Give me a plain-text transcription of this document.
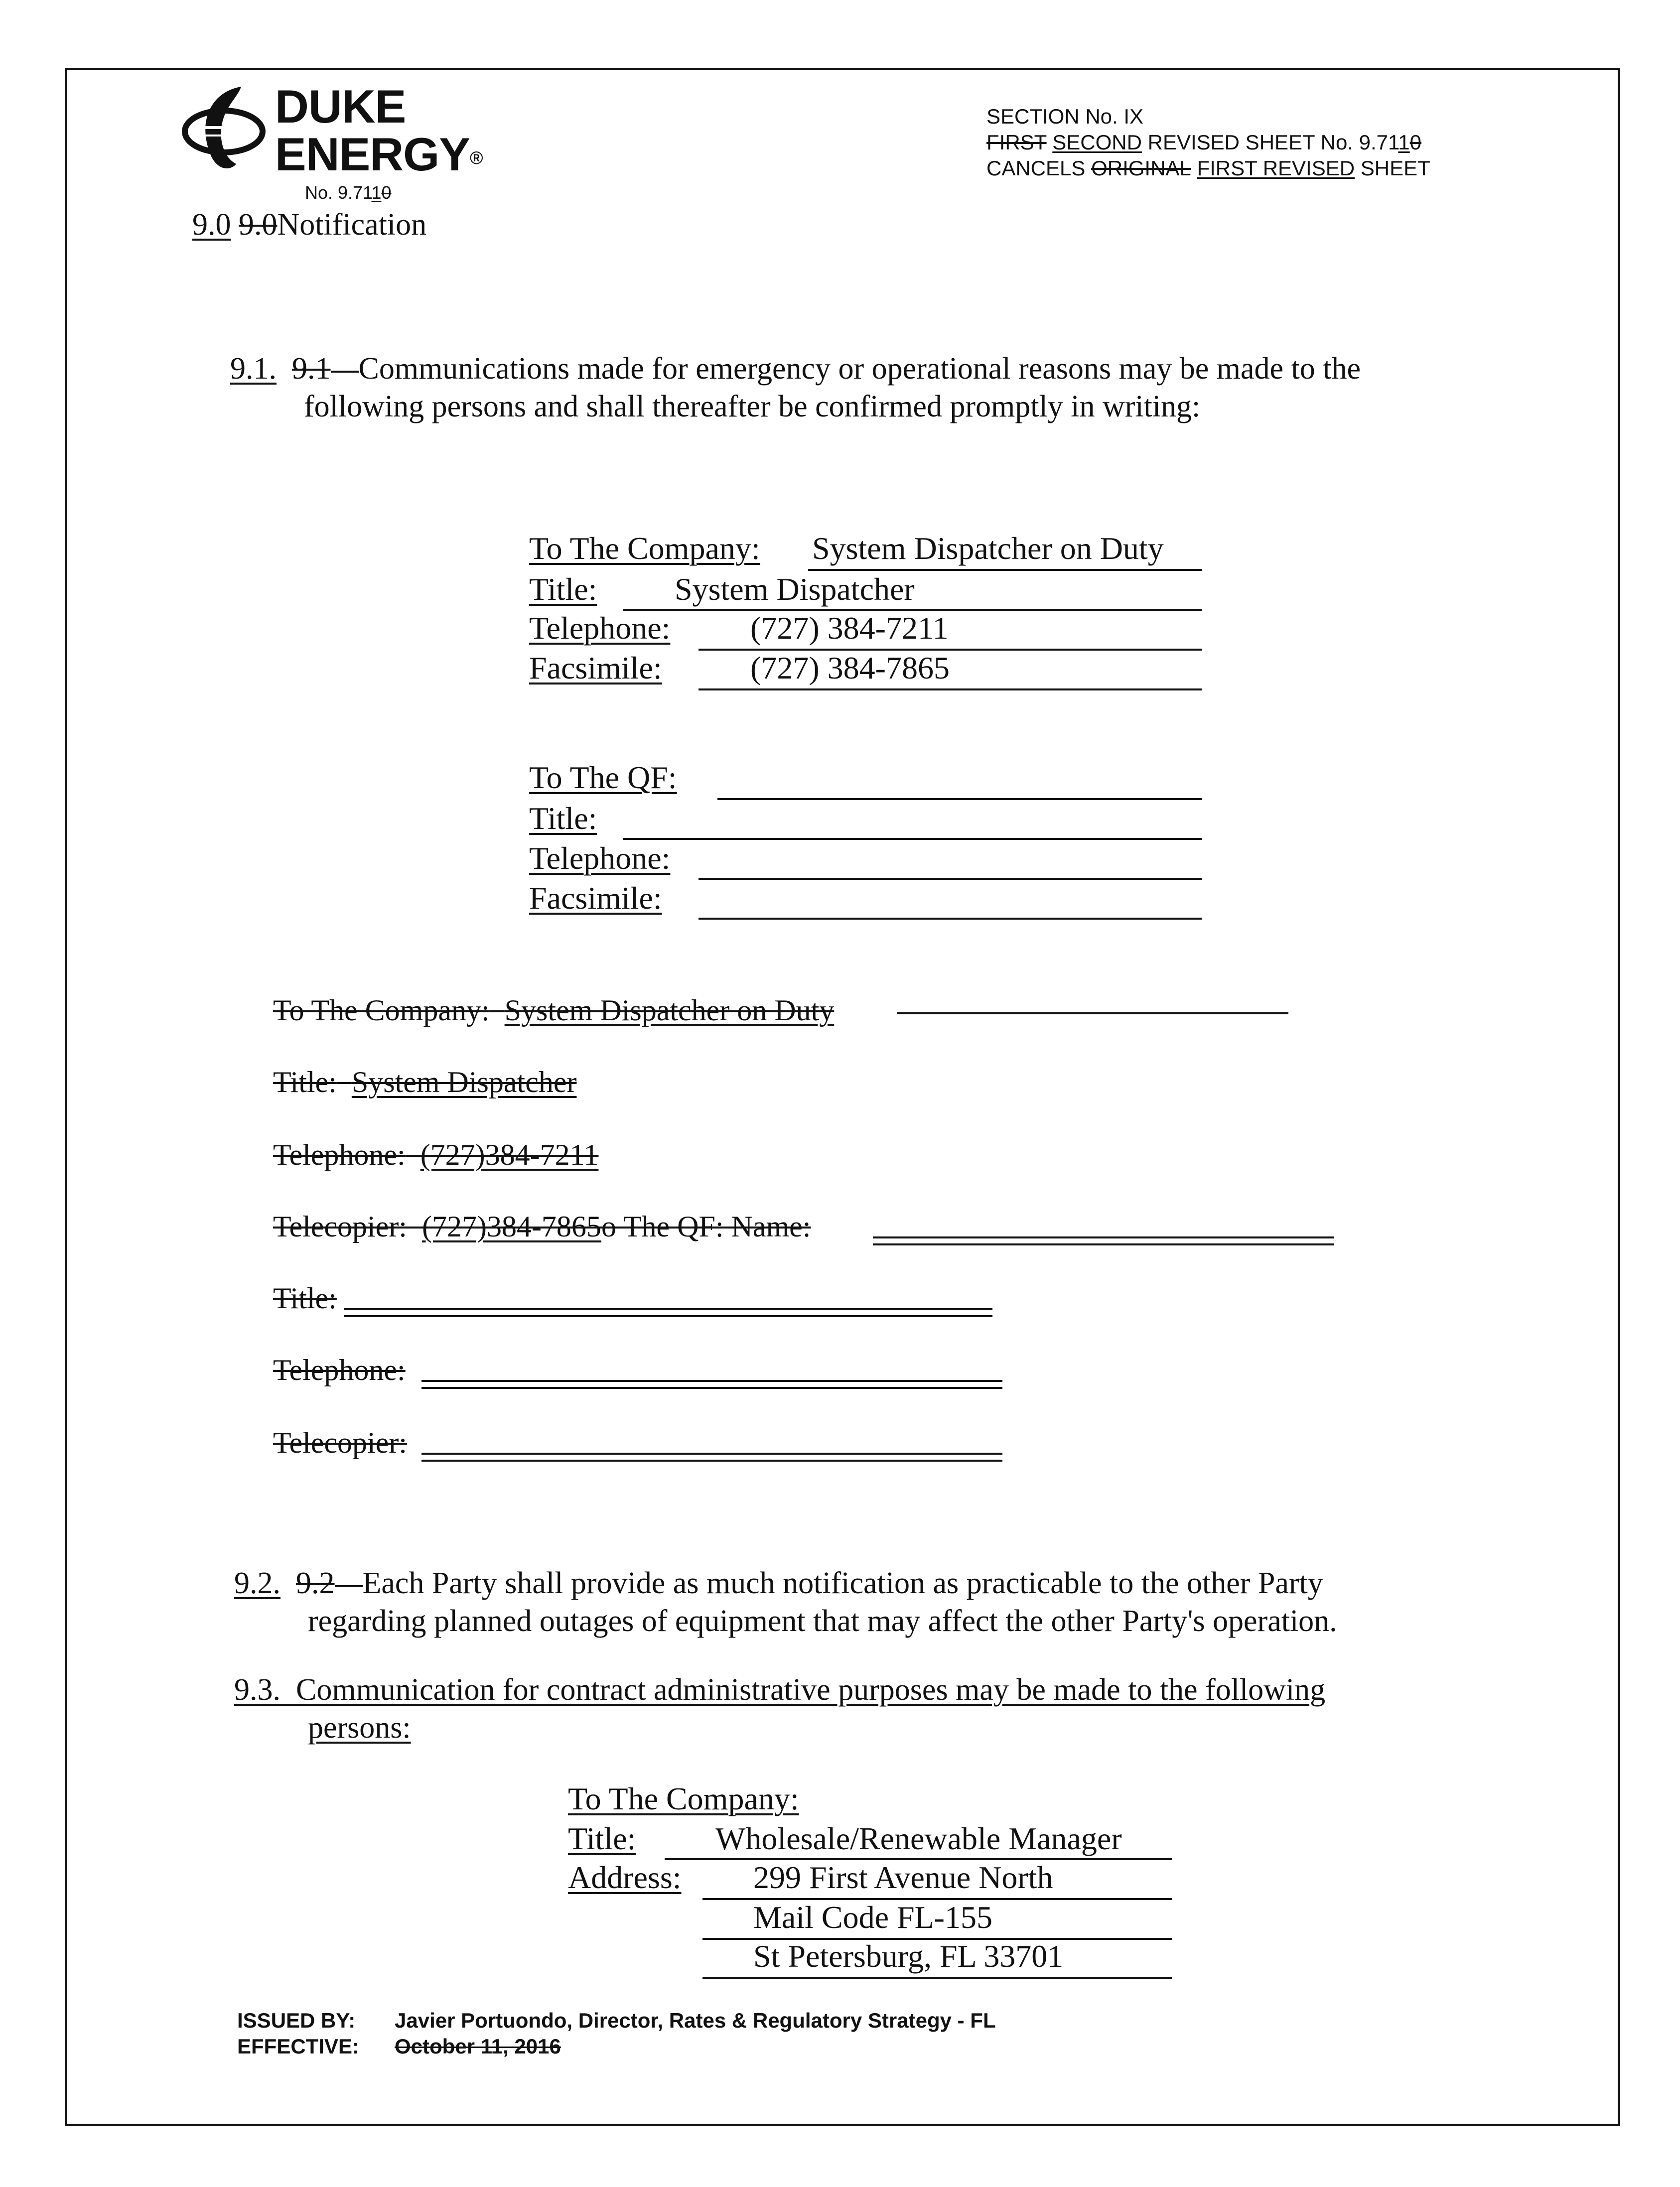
DUKE
ENERGY®
No. 9.7110
9.0 9.0Notification
SECTION No. IX
FIRST SECOND REVISED SHEET No. 9.7110
CANCELS ORIGINAL FIRST REVISED SHEET
9.1. 9.1 Communications made for emergency or operational reasons may be made to the
following persons and shall thereafter be confirmed promptly in writing:
To The Company: System Dispatcher on Duty
Title: System Dispatcher
Telephone:	(727) 384-7211
Facsimile:	(727) 384-7865
To The QF:
Title:
Telephone:
Facsimile:
To The Company: System Dispatcher on Duty
Title: System Dispatcher
Telephone: (727)384-7211
Telecopier: (727)384-7865o The QF: Name:
Title:
Telephone:
Telecopier:
9.2. 9.2 Each Party shall provide as much notification as practicable to the other Party
regarding planned outages of equipment that may affect the other Party's operation.
9.3. Communication for contract administrative purposes may be made to the following
persons:
To The Company:
Title: Wholesale/Renewable Manager
Address: 299 First Avenue North
Mail Code FL-155
St Petersburg, FL 33701
ISSUED BY: Javier Portuondo, Director, Rates & Regulatory Strategy - FL
EFFECTIVE: October 11, 2016
